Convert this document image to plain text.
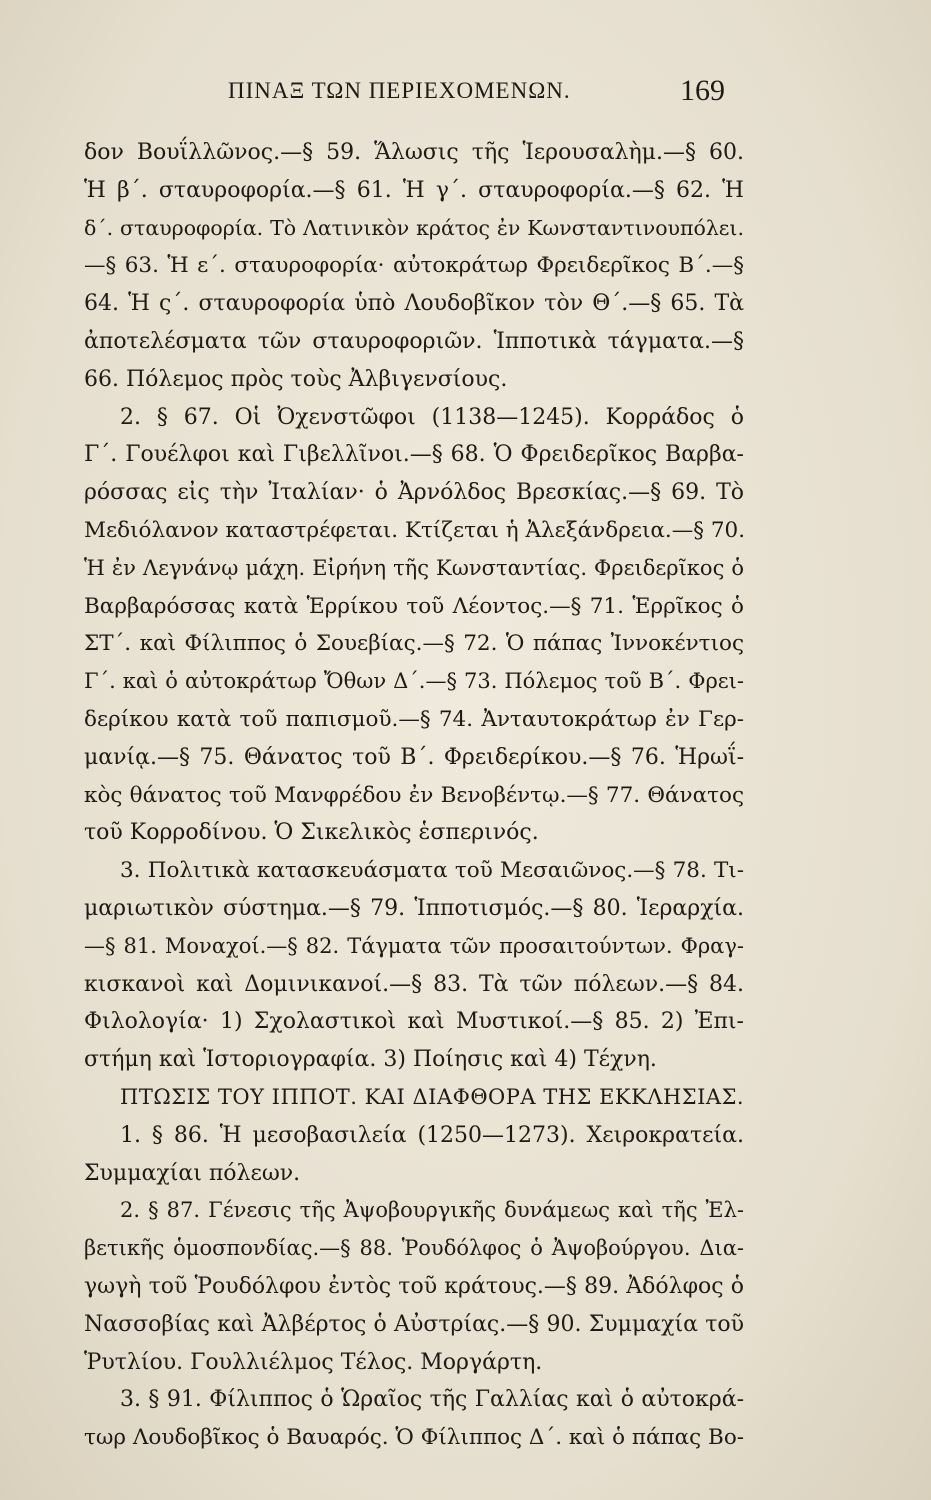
ΠΙΝΑΞ ΤΩΝ ΠΕΡΙΕΧΟΜΕΝΩΝ.	169
δον Βουΐλλῶνος.—§ 59. Ἅλωσις τῆς Ἱερουσαλὴμ.—§ 60.
Ἡ β΄. σταυροφορία.—§ 61. Ἡ γ΄. σταυροφορία.—§ 62. Ἡ
δ΄. σταυροφορία. Τὸ Λατινικὸν κράτος ἐν Κωνσταντινουπόλει.
—§ 63. Ἡ ε΄. σταυροφορία· αὐτοκράτωρ Φρειδερῖκος Β΄.—§
64. Ἡ ς΄. σταυροφορία ὑπὸ Λουδοβῖκον τὸν Θ΄.—§ 65. Τὰ
ἀποτελέσματα τῶν σταυροφοριῶν. Ἱπποτικὰ τάγματα.—§
66. Πόλεμος πρὸς τοὺς Ἀλβιγενσίους.
2. § 67. Οἱ Ὀχενστῶφοι (1138—1245). Κορράδος ὁ
Γ΄. Γουέλφοι καὶ Γιβελλῖνοι.—§ 68. Ὁ Φρειδερῖκος Βαρβα-
ρόσσας εἰς τὴν Ἰταλίαν· ὁ Ἀρνόλδος Βρεσκίας.—§ 69. Τὸ
Μεδιόλανον καταστρέφεται. Κτίζεται ἡ Ἀλεξάνδρεια.—§ 70.
Ἡ ἐν Λεγνάνῳ μάχη. Εἰρήνη τῆς Κωνσταντίας. Φρειδερῖκος ὁ
Βαρβαρόσσας κατὰ Ἑρρίκου τοῦ Λέοντος.—§ 71. Ἑρρῖκος ὁ
ΣΤ΄. καὶ Φίλιππος ὁ Σουεβίας.—§ 72. Ὁ πάπας Ἰννοκέντιος
Γ΄. καὶ ὁ αὐτοκράτωρ Ὄθων Δ΄.—§ 73. Πόλεμος τοῦ Β΄. Φρει-
δερίκου κατὰ τοῦ παπισμοῦ.—§ 74. Ἀνταυτοκράτωρ ἐν Γερ-
μανίᾳ.—§ 75. Θάνατος τοῦ Β΄. Φρειδερίκου.—§ 76. Ἡρωΐ-
κὸς θάνατος τοῦ Μανφρέδου ἐν Βενοβέντῳ.—§ 77. Θάνατος
τοῦ Κορροδίνου. Ὁ Σικελικὸς ἑσπερινός.
3. Πολιτικὰ κατασκευάσματα τοῦ Μεσαιῶνος.—§ 78. Τι-
μαριωτικὸν σύστημα.—§ 79. Ἱπποτισμός.—§ 80. Ἱεραρχία.
—§ 81. Μοναχοί.—§ 82. Τάγματα τῶν προσαιτούντων. Φραγ-
κισκανοὶ καὶ Δομινικανοί.—§ 83. Τὰ τῶν πόλεων.—§ 84.
Φιλολογία· 1) Σχολαστικοὶ καὶ Μυστικοί.—§ 85. 2) Ἐπι-
στήμη καὶ Ἱστοριογραφία. 3) Ποίησις καὶ 4) Τέχνη.
ΠΤΩΣΙΣ ΤΟΥ ΙΠΠΟΤ. ΚΑΙ ΔΙΑΦΘΟΡΑ ΤΗΣ ΕΚΚΛΗΣΙΑΣ.
1. § 86. Ἡ μεσοβασιλεία (1250—1273). Χειροκρατεία.
Συμμαχίαι πόλεων.
2. § 87. Γένεσις τῆς Ἀψοβουργικῆς δυνάμεως καὶ τῆς Ἐλ-
βετικῆς ὁμοσπονδίας.—§ 88. Ῥουδόλφος ὁ Ἀψοβούργου. Δια-
γωγὴ τοῦ Ῥουδόλφου ἐντὸς τοῦ κράτους.—§ 89. Ἀδόλφος ὁ
Νασσοβίας καὶ Ἀλβέρτος ὁ Αὐστρίας.—§ 90. Συμμαχία τοῦ
Ῥυτλίου. Γουλλιέλμος Τέλος. Μοργάρτη.
3. § 91. Φίλιππος ὁ Ὡραῖος τῆς Γαλλίας καὶ ὁ αὐτοκρά-
τωρ Λουδοβῖκος ὁ Βαυαρός. Ὁ Φίλιππος Δ΄. καὶ ὁ πάπας Βο-
